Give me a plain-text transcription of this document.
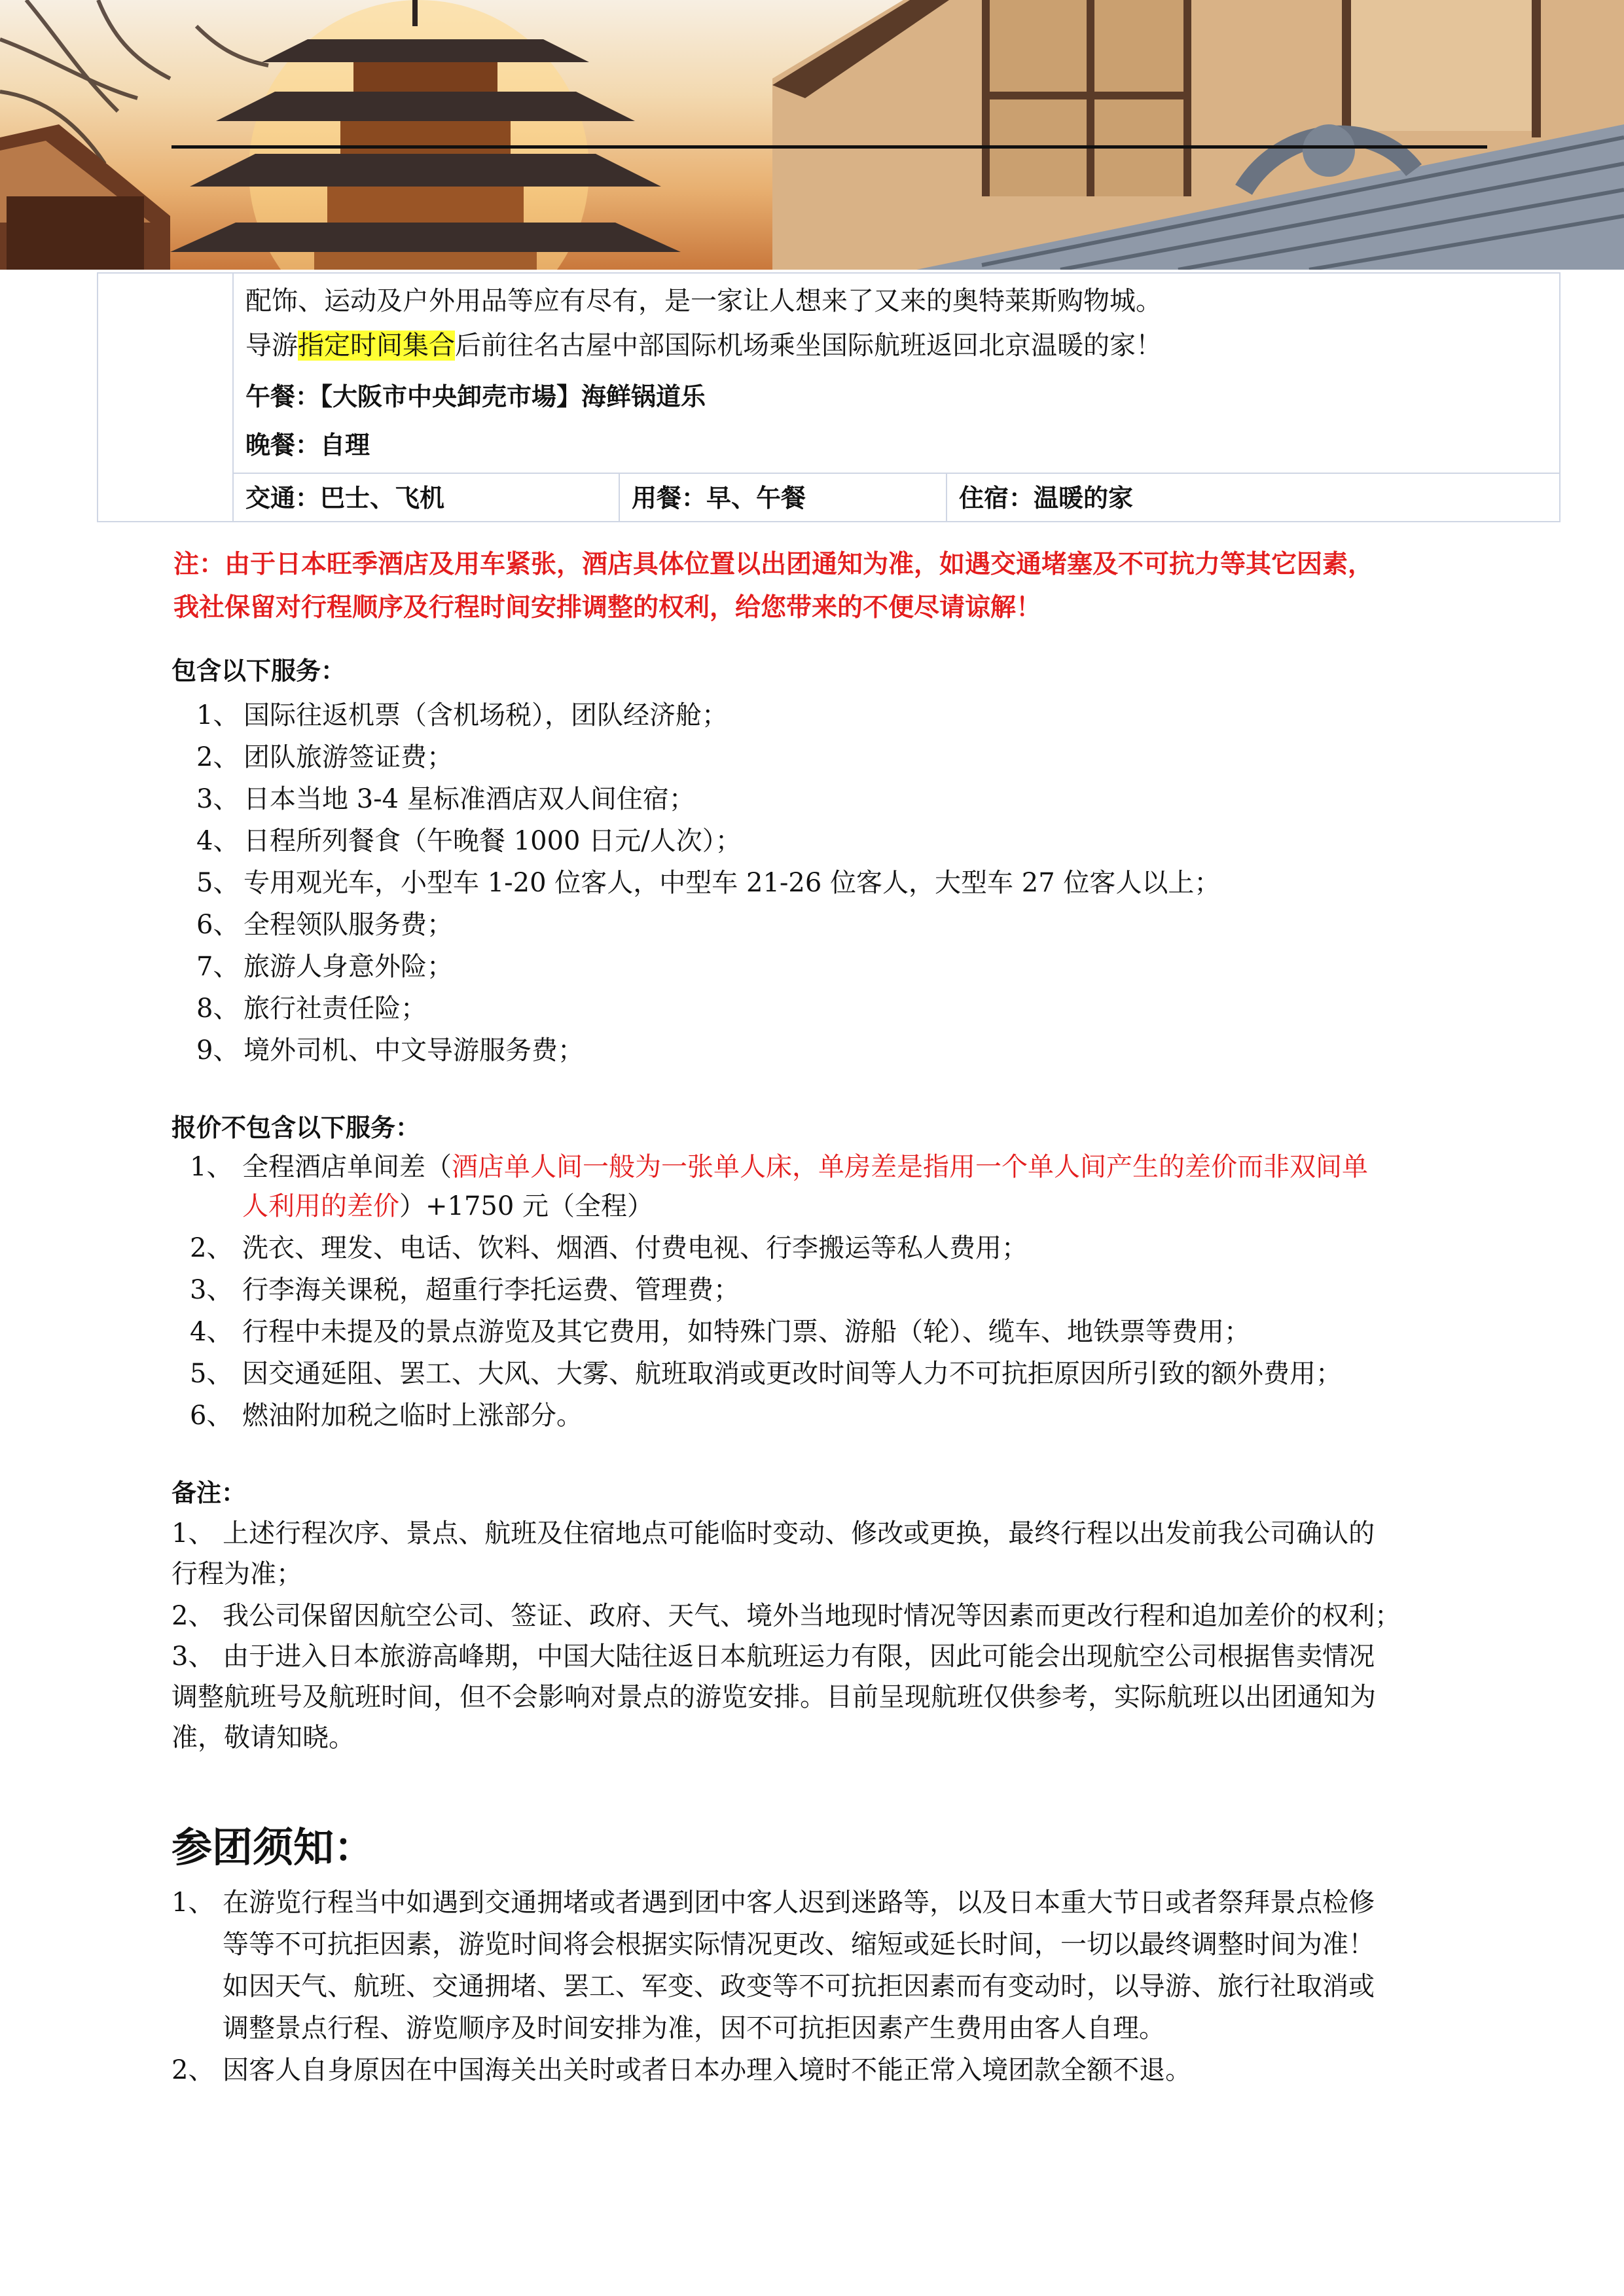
配饰、运动及户外用品等应有尽有，是一家让人想来了又来的奥特莱斯购物城。
导游指定时间集合后前往名古屋中部国际机场乘坐国际航班返回北京温暖的家！
午餐：【大阪市中央卸売市場】海鲜锅道乐
晚餐：自理
交通：巴士、飞机	用餐：早、午餐	住宿：温暖的家
注：由于日本旺季酒店及用车紧张，酒店具体位置以出团通知为准，如遇交通堵塞及不可抗力等其它因素，
我社保留对行程顺序及行程时间安排调整的权利，给您带来的不便尽请谅解！
包含以下服务：
1、 国际往返机票（含机场税），团队经济舱；
2、 团队旅游签证费；
3、 日本当地 3-4 星标准酒店双人间住宿；
4、 日程所列餐食（午晚餐 1000 日元/人次）；
5、 专用观光车，小型车 1-20 位客人，中型车 21-26 位客人，大型车 27 位客人以上；
6、 全程领队服务费；
7、 旅游人身意外险；
8、 旅行社责任险；
9、 境外司机、中文导游服务费；
报价不包含以下服务：
1、 全程酒店单间差（酒店单人间一般为一张单人床，单房差是指用一个单人间产生的差价而非双间单
人利用的差价）+1750 元（全程）
2、 洗衣、理发、电话、饮料、烟酒、付费电视、行李搬运等私人费用；
3、 行李海关课税，超重行李托运费、管理费；
4、 行程中未提及的景点游览及其它费用，如特殊门票、游船（轮）、缆车、地铁票等费用；
5、 因交通延阻、罢工、大风、大雾、航班取消或更改时间等人力不可抗拒原因所引致的额外费用；
6、 燃油附加税之临时上涨部分。
备注：
1、 上述行程次序、景点、航班及住宿地点可能临时变动、修改或更换，最终行程以出发前我公司确认的
行程为准；
2、 我公司保留因航空公司、签证、政府、天气、境外当地现时情况等因素而更改行程和追加差价的权利；
3、 由于进入日本旅游高峰期，中国大陆往返日本航班运力有限，因此可能会出现航空公司根据售卖情况
调整航班号及航班时间，但不会影响对景点的游览安排。目前呈现航班仅供参考，实际航班以出团通知为
准，敬请知晓。
参团须知：
1、 在游览行程当中如遇到交通拥堵或者遇到团中客人迟到迷路等，以及日本重大节日或者祭拜景点检修
等等不可抗拒因素，游览时间将会根据实际情况更改、缩短或延长时间，一切以最终调整时间为准！
如因天气、航班、交通拥堵、罢工、军变、政变等不可抗拒因素而有变动时，以导游、旅行社取消或
调整景点行程、游览顺序及时间安排为准，因不可抗拒因素产生费用由客人自理。
2、 因客人自身原因在中国海关出关时或者日本办理入境时不能正常入境团款全额不退。
